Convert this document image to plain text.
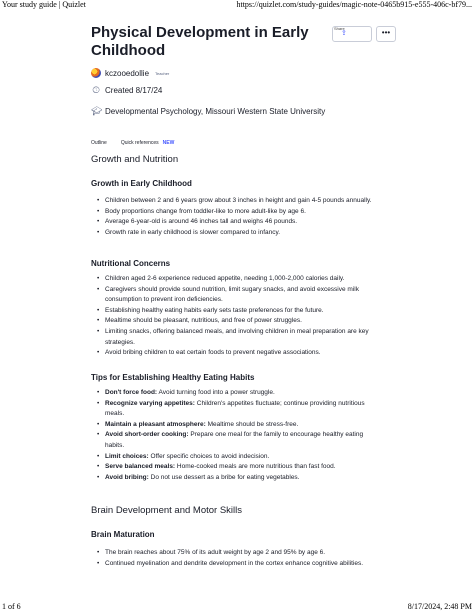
Your study guide | Quizlet	https://quizlet.com/study-guides/magic-note-0465b915-e555-406c-bf79...
Physical Development in Early Childhood
Share
⇪	•••
kczooedollie Teacher
🕓︎ Created 8/17/24
🎓︎ Developmental Psychology, Missouri Western State University
Outline	Quick references NEW
Growth and Nutrition
Growth in Early Childhood
• Children between 2 and 6 years grow about 3 inches in height and gain 4-5 pounds annually.
• Body proportions change from toddler-like to more adult-like by age 6.
• Average 6-year-old is around 46 inches tall and weighs 46 pounds.
• Growth rate in early childhood is slower compared to infancy.
Nutritional Concerns
• Children aged 2-6 experience reduced appetite, needing 1,000-2,000 calories daily.
• Caregivers should provide sound nutrition, limit sugary snacks, and avoid excessive milk consumption to prevent iron deficiencies.
• Establishing healthy eating habits early sets taste preferences for the future.
• Mealtime should be pleasant, nutritious, and free of power struggles.
• Limiting snacks, offering balanced meals, and involving children in meal preparation are key strategies.
• Avoid bribing children to eat certain foods to prevent negative associations.
Tips for Establishing Healthy Eating Habits
• Don't force food: Avoid turning food into a power struggle.
• Recognize varying appetites: Children's appetites fluctuate; continue providing nutritious meals.
• Maintain a pleasant atmosphere: Mealtime should be stress-free.
• Avoid short-order cooking: Prepare one meal for the family to encourage healthy eating habits.
• Limit choices: Offer specific choices to avoid indecision.
• Serve balanced meals: Home-cooked meals are more nutritious than fast food.
• Avoid bribing: Do not use dessert as a bribe for eating vegetables.
Brain Development and Motor Skills
Brain Maturation
• The brain reaches about 75% of its adult weight by age 2 and 95% by age 6.
• Continued myelination and dendrite development in the cortex enhance cognitive abilities.
1 of 6	8/17/2024, 2:48 PM
